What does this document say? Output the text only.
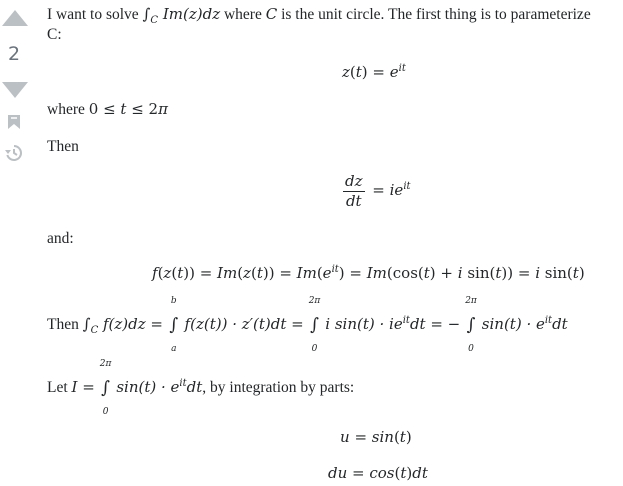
2
I want to solve $\int_C$ Im(z)dz where C is the unit circle. The first thing is to parameterize
C:
$z(t) = e^{it}$
where 0 ≤ t ≤ 2π
Then
$\frac{dz}{dt} = ie^{it}$
and:
$f(z(t)) = Im(z(t)) = Im(e^{it}) = Im(\cos(t) + i$ sin(t)) = i sin(t)
Then $\int_C$ f(z)dz =
b
∫
a
f(z(t)) · z′(t)dt =
2π
∫
0
i $\sin(t) \cdot ie^{it}dt$ = −
2π
∫
0
$\sin(t) \cdot e^{it}dt$
Let I =
2π
∫
0
$\sin(t) \cdot e^{it}dt$, by integration by parts:
u = sin(t)
du = cos(t)dt
